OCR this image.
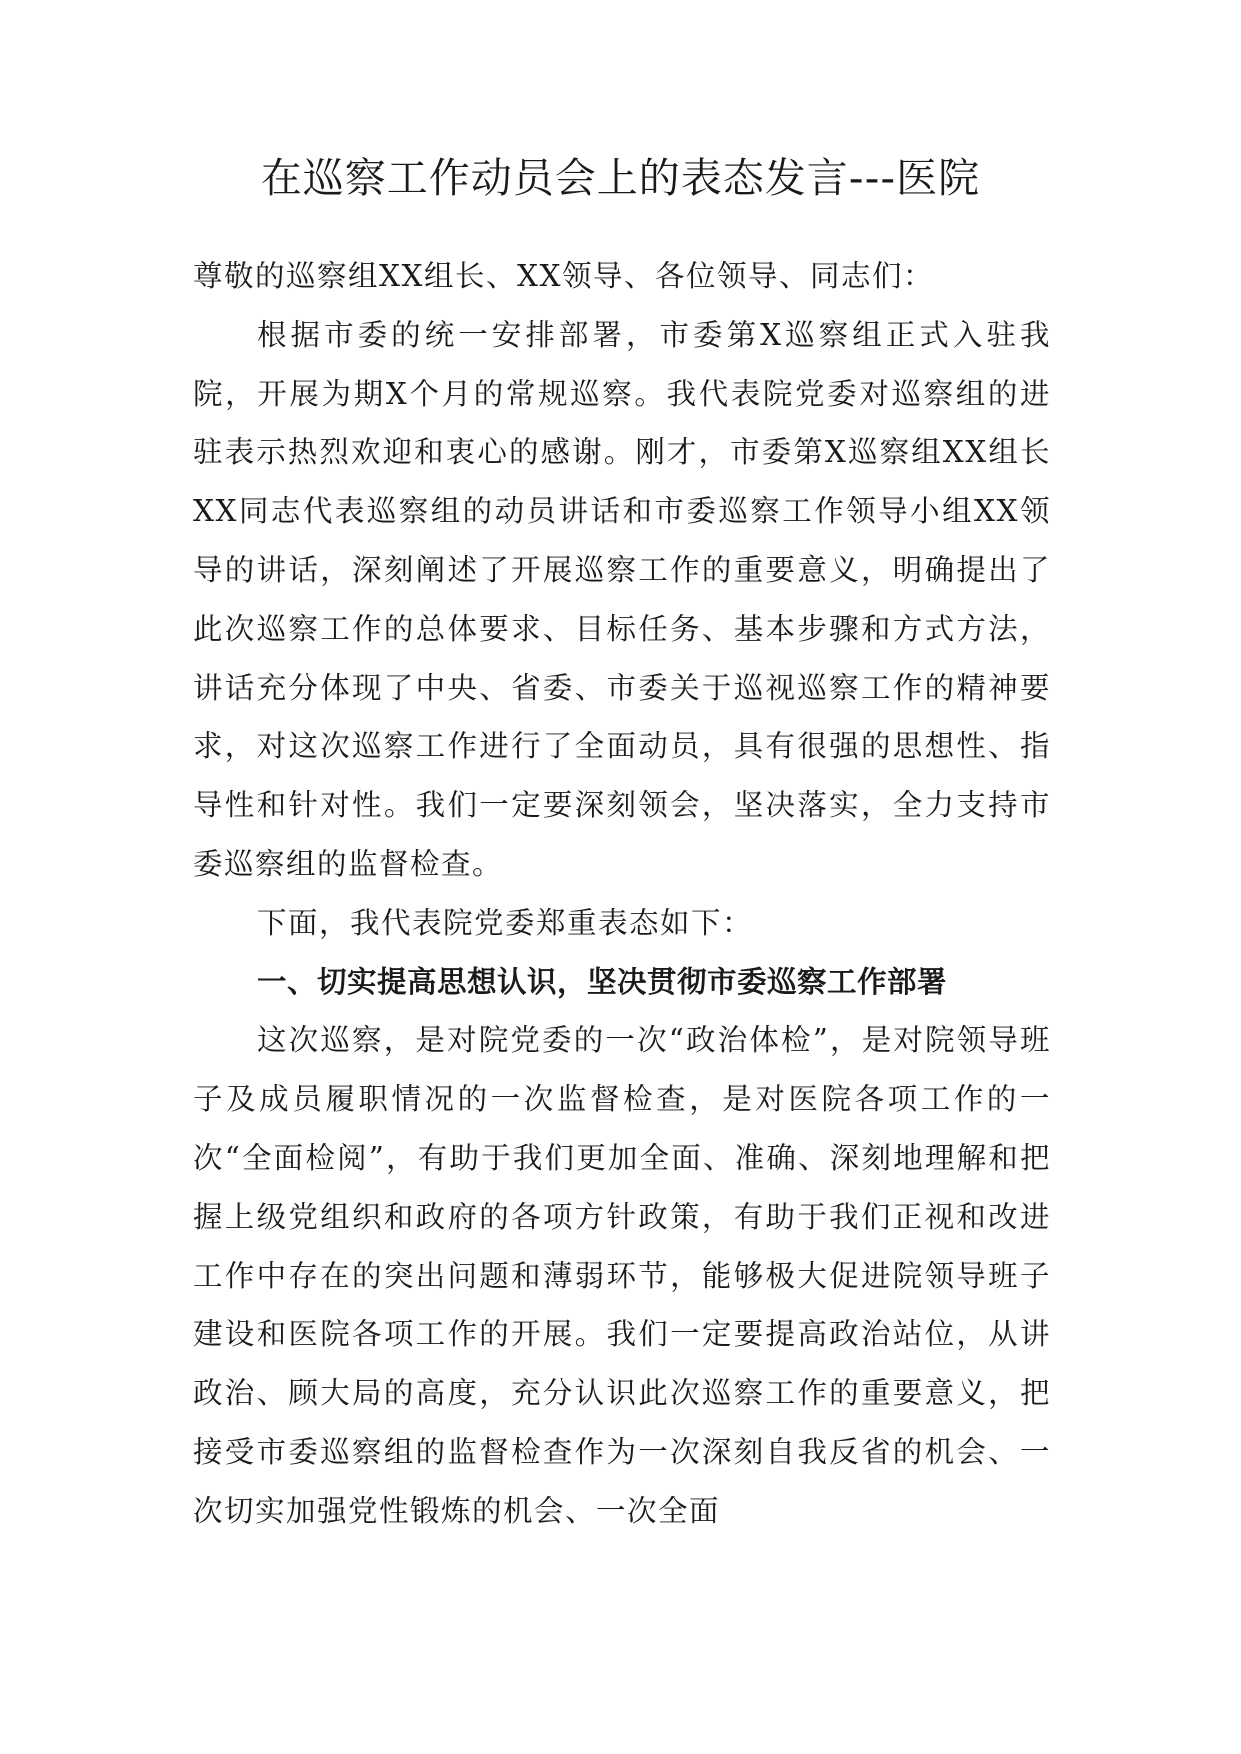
在巡察工作动员会上的表态发言---医院

尊敬的巡察组XX组长、XX领导、各位领导、同志们：

根据市委的统一安排部署，市委第X巡察组正式入驻我院，开展为期X个月的常规巡察。我代表院党委对巡察组的进驻表示热烈欢迎和衷心的感谢。刚才，市委第X巡察组XX组长XX同志代表巡察组的动员讲话和市委巡察工作领导小组XX领导的讲话，深刻阐述了开展巡察工作的重要意义，明确提出了此次巡察工作的总体要求、目标任务、基本步骤和方式方法，讲话充分体现了中央、省委、市委关于巡视巡察工作的精神要求，对这次巡察工作进行了全面动员，具有很强的思想性、指导性和针对性。我们一定要深刻领会，坚决落实，全力支持市委巡察组的监督检查。

下面，我代表院党委郑重表态如下：

一、切实提高思想认识，坚决贯彻市委巡察工作部署

这次巡察，是对院党委的一次“政治体检”，是对院领导班子及成员履职情况的一次监督检查，是对医院各项工作的一次“全面检阅”，有助于我们更加全面、准确、深刻地理解和把握上级党组织和政府的各项方针政策，有助于我们正视和改进工作中存在的突出问题和薄弱环节，能够极大促进院领导班子建设和医院各项工作的开展。我们一定要提高政治站位，从讲政治、顾大局的高度，充分认识此次巡察工作的重要意义，把接受市委巡察组的监督检查作为一次深刻自我反省的机会、一次切实加强党性锻炼的机会、一次全面
